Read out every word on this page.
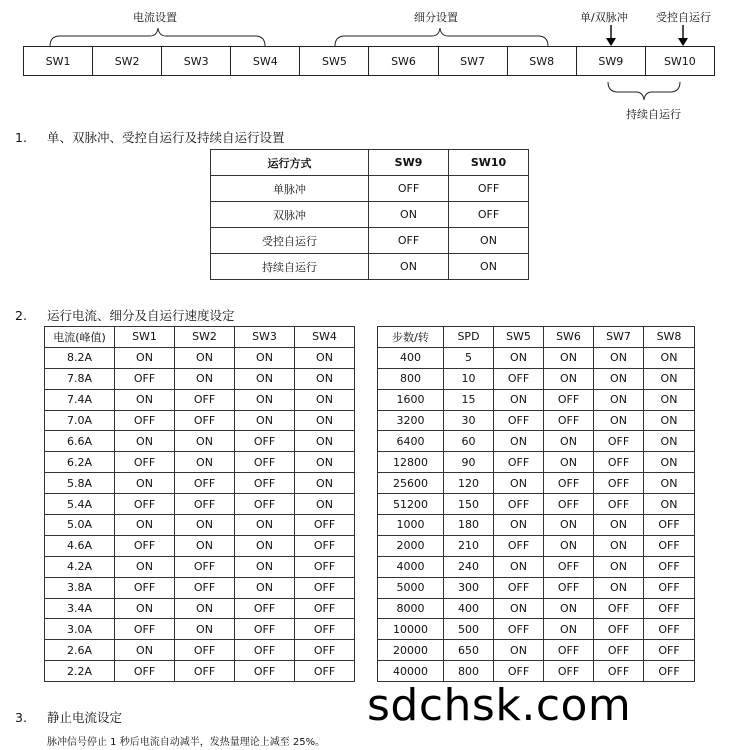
电流设置	细分设置	单/双脉冲	受控自运行
SW1	SW2	SW3	SW4	SW5	SW6	SW7	SW8	SW9	SW10
持续自运行
1. 单、双脉冲、受控自运行及持续自运行设置
运行方式	SW9	SW10
单脉冲	OFF	OFF
双脉冲	ON	OFF
受控自运行	OFF	ON
持续自运行	ON	ON
2. 运行电流、细分及自运行速度设定
电流(峰值)	SW1	SW2	SW3	SW4
8.2A	ON	ON	ON	ON
7.8A	OFF	ON	ON	ON
7.4A	ON	OFF	ON	ON
7.0A	OFF	OFF	ON	ON
6.6A	ON	ON	OFF	ON
6.2A	OFF	ON	OFF	ON
5.8A	ON	OFF	OFF	ON
5.4A	OFF	OFF	OFF	ON
5.0A	ON	ON	ON	OFF
4.6A	OFF	ON	ON	OFF
4.2A	ON	OFF	ON	OFF
3.8A	OFF	OFF	ON	OFF
3.4A	ON	ON	OFF	OFF
3.0A	OFF	ON	OFF	OFF
2.6A	ON	OFF	OFF	OFF
2.2A	OFF	OFF	OFF	OFF
步数/转	SPD	SW5	SW6	SW7	SW8
400	5	ON	ON	ON	ON
800	10	OFF	ON	ON	ON
1600	15	ON	OFF	ON	ON
3200	30	OFF	OFF	ON	ON
6400	60	ON	ON	OFF	ON
12800	90	OFF	ON	OFF	ON
25600	120	ON	OFF	OFF	ON
51200	150	OFF	OFF	OFF	ON
1000	180	ON	ON	ON	OFF
2000	210	OFF	ON	ON	OFF
4000	240	ON	OFF	ON	OFF
5000	300	OFF	OFF	ON	OFF
8000	400	ON	ON	OFF	OFF
10000	500	OFF	ON	OFF	OFF
20000	650	ON	OFF	OFF	OFF
40000	800	OFF	OFF	OFF	OFF
3. 静止电流设定
脉冲信号停止 1 秒后电流自动减半，发热量理论上减至 25%。
sdchsk.com
